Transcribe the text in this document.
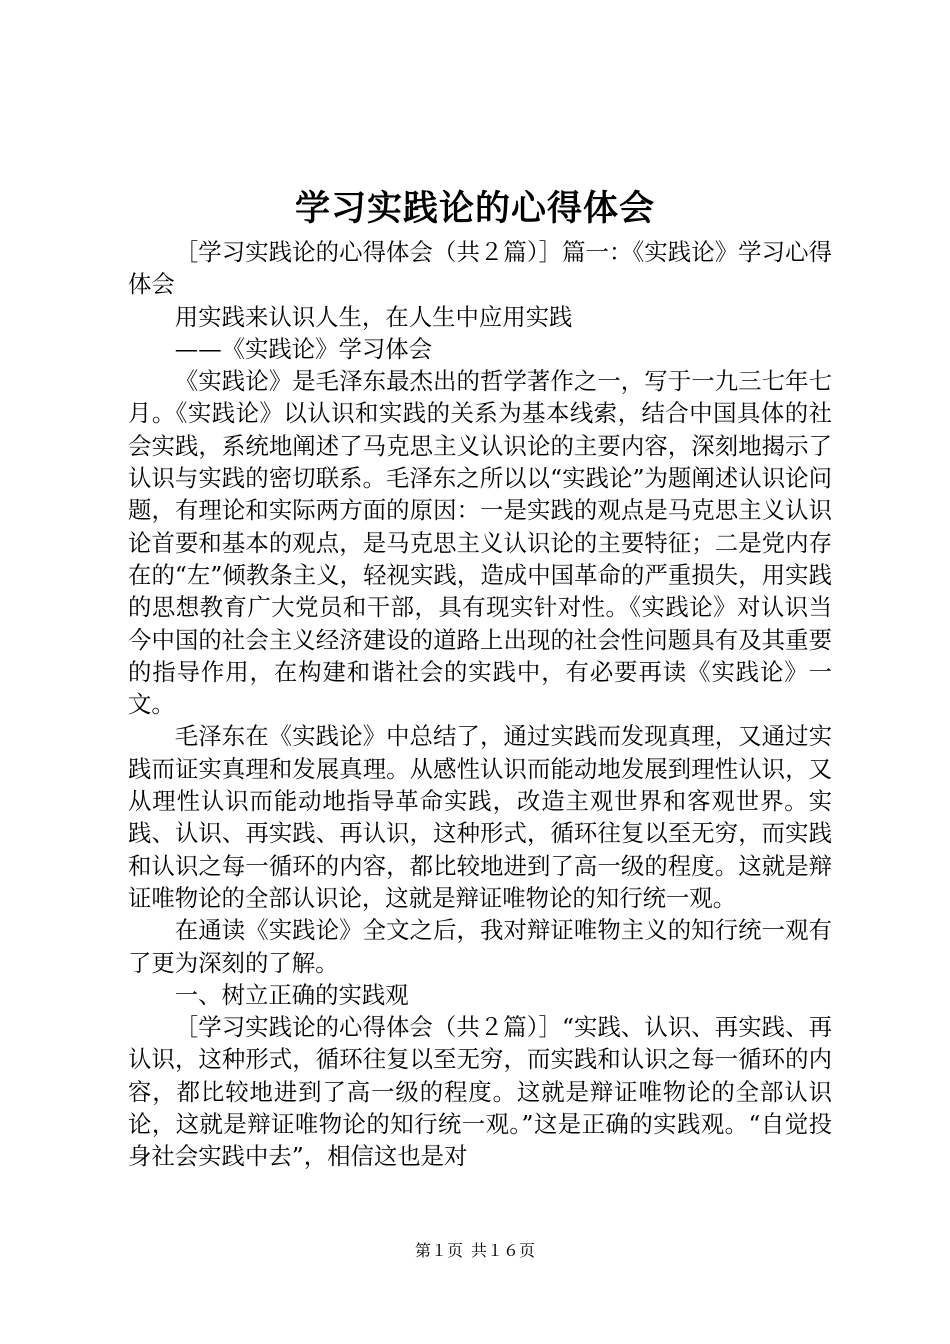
学习实践论的心得体会

［学习实践论的心得体会（共２篇）］篇一：《实践论》学习心得体会

用实践来认识人生，在人生中应用实践

——《实践论》学习体会

《实践论》是毛泽东最杰出的哲学著作之一，写于一九三七年七月。《实践论》以认识和实践的关系为基本线索，结合中国具体的社会实践，系统地阐述了马克思主义认识论的主要内容，深刻地揭示了认识与实践的密切联系。毛泽东之所以以“实践论”为题阐述认识论问题，有理论和实际两方面的原因：一是实践的观点是马克思主义认识论首要和基本的观点，是马克思主义认识论的主要特征；二是党内存在的“左”倾教条主义，轻视实践，造成中国革命的严重损失，用实践的思想教育广大党员和干部，具有现实针对性。《实践论》对认识当今中国的社会主义经济建设的道路上出现的社会性问题具有及其重要的指导作用，在构建和谐社会的实践中，有必要再读《实践论》一文。

毛泽东在《实践论》中总结了，通过实践而发现真理，又通过实践而证实真理和发展真理。从感性认识而能动地发展到理性认识，又从理性认识而能动地指导革命实践，改造主观世界和客观世界。实践、认识、再实践、再认识，这种形式，循环往复以至无穷，而实践和认识之每一循环的内容，都比较地进到了高一级的程度。这就是辩证唯物论的全部认识论，这就是辩证唯物论的知行统一观。

在通读《实践论》全文之后，我对辩证唯物主义的知行统一观有了更为深刻的了解。

一、树立正确的实践观

［学习实践论的心得体会（共２篇）］“实践、认识、再实践、再认识，这种形式，循环往复以至无穷，而实践和认识之每一循环的内容，都比较地进到了高一级的程度。这就是辩证唯物论的全部认识论，这就是辩证唯物论的知行统一观。”这是正确的实践观。“自觉投身社会实践中去”，相信这也是对

第１页 共１６页
